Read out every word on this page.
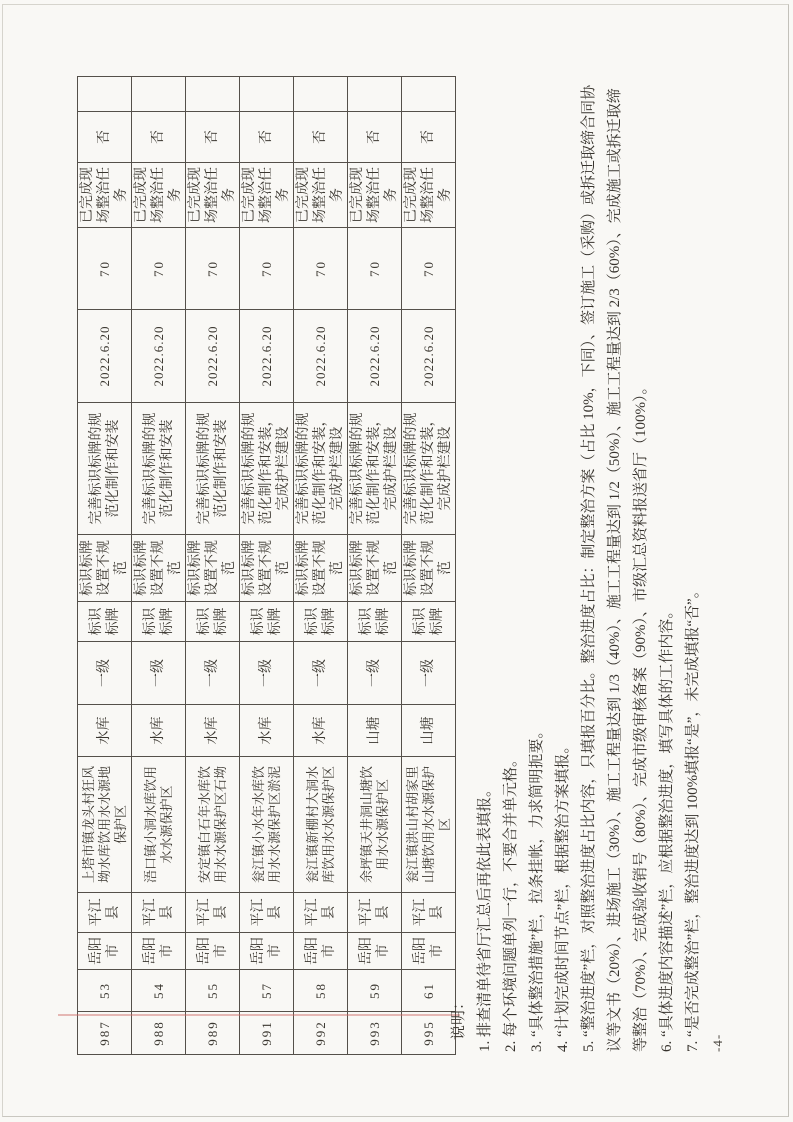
987	53	岳阳市	平江县	上塔市镇龙头村狂风坳水库饮用水水源地保护区	水库	一级	标识标牌	标识标牌设置不规范	完善标识标牌的规范化制作和安装	2022.6.20	70	已完成现场整治任务	否	
988	54	岳阳市	平江县	浯口镇小洞水库饮用水水源保护区	水库	一级	标识标牌	标识标牌设置不规范	完善标识标牌的规范化制作和安装	2022.6.20	70	已完成现场整治任务	否	
989	55	岳阳市	平江县	安定镇白石年水库饮用水水源保护区石坳	水库	一级	标识标牌	标识标牌设置不规范	完善标识标牌的规范化制作和安装	2022.6.20	70	已完成现场整治任务	否	
991	57	岳阳市	平江县	瓮江镇小水年水库饮用水水源保护区淤泥	水库	一级	标识标牌	标识标牌设置不规范	完善标识标牌的规范化制作和安装，完成护栏建设	2022.6.20	70	已完成现场整治任务	否	
992	58	岳阳市	平江县	瓮江镇新棚村大洞水库饮用水水源保护区	水库	一级	标识标牌	标识标牌设置不规范	完善标识标牌的规范化制作和安装，完成护栏建设	2022.6.20	70	已完成现场整治任务	否	
993	59	岳阳市	平江县	余坪镇天井洞山塘饮用水水源保护区	山塘	一级	标识标牌	标识标牌设置不规范	完善标识标牌的规范化制作和安装，完成护栏建设	2022.6.20	70	已完成现场整治任务	否	
995	61	岳阳市	平江县	瓮江镇洪山村胡家里山塘饮用水水源保护区	山塘	一级	标识标牌	标识标牌设置不规范	完善标识标牌的规范化制作和安装，完成护栏建设	2022.6.20	70	已完成现场整治任务	否	
说明： 1. 排查清单待省厅汇总后再依此表填报。 2. 每个环境问题单列一行，不要合并单元格。 3. “具体整治措施”栏，拉条挂帐，力求简明扼要。 4. “计划完成时间节点”栏，根据整治方案填报。 5. “整治进度”栏，对照整治进度占比内容，只填报百分比。整治进度占比：制定整治方案（占比 10%，下同）、签订施工（采购）或拆迁取缔合同协 议等文书（20%）、进场施工（30%）、施工工程量达到 1/3（40%）、施工工程量达到 1/2（50%）、施工工程量达到 2/3（60%）、完成施工或拆迁取缔 等整治（70%）、完成验收销号（80%）、完成市级审核备案（90%）、市级汇总资料报送省厅（100%）。 6. “具体进度内容描述”栏，应根据整治进度，填写具体的工作内容。 7. “是否完成整治”栏，整治进度达到 100%填报“是”，未完成填报“否”。 -4-
